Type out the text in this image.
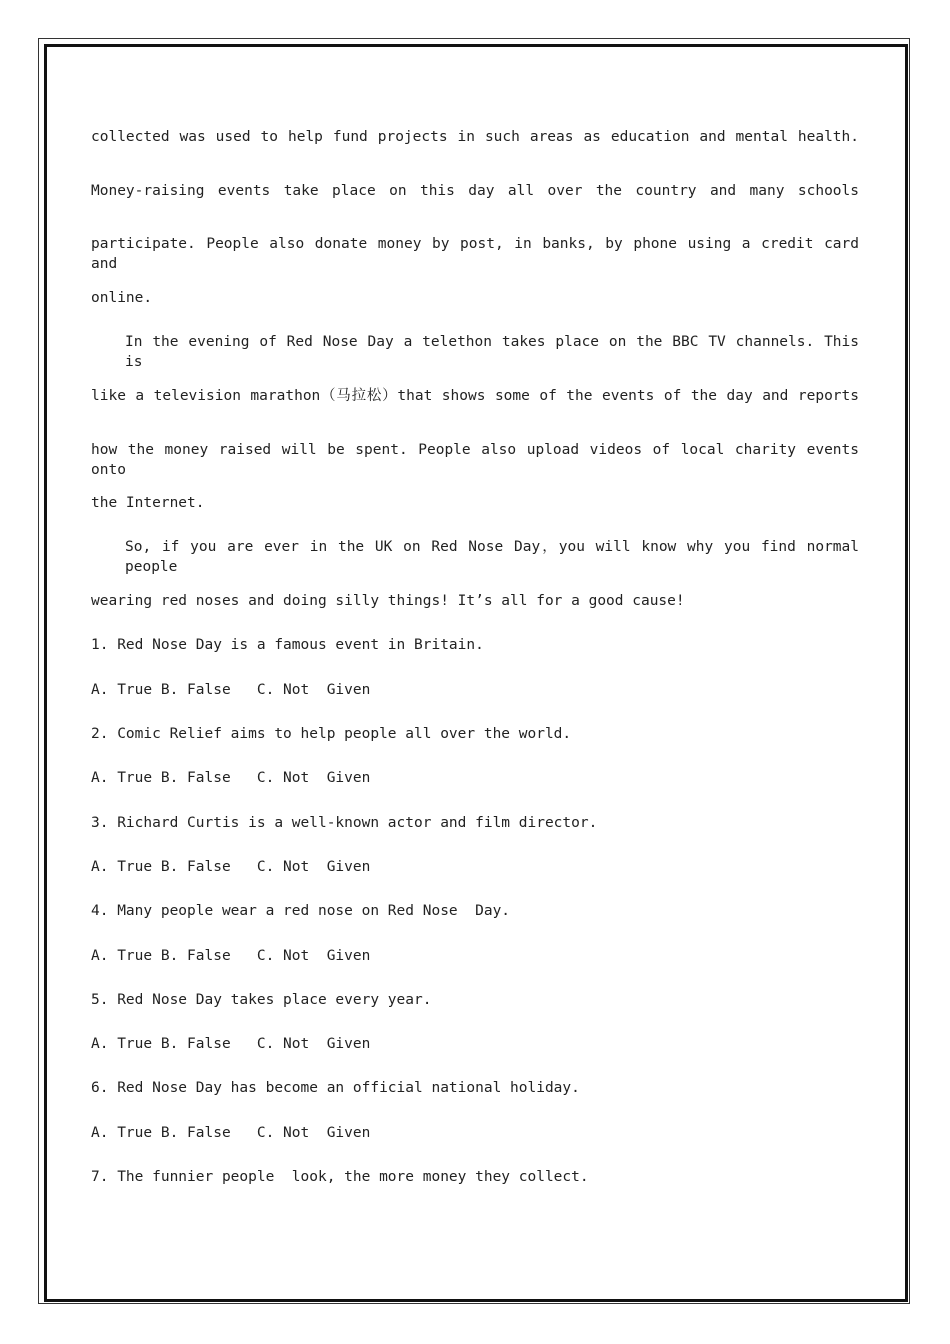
collected was used to help fund projects in such areas as education and mental health.
Money-raising events take place on this day all over the country and many schools
participate. People also donate money by post, in banks, by phone using a credit card and
online.
In the evening of Red Nose Day a telethon takes place on the BBC TV channels. This is
like a television marathon（马拉松）that shows some of the events of the day and reports
how the money raised will be spent. People also upload videos of local charity events onto
the Internet.
So, if you are ever in the UK on Red Nose Day，you will know why you find normal people
wearing red noses and doing silly things! It’s all for a good cause!
1. Red Nose Day is a famous event in Britain.
A. True B. False   C. Not  Given
2. Comic Relief aims to help people all over the world.
A. True B. False   C. Not  Given
3. Richard Curtis is a well-known actor and film director.
A. True B. False   C. Not  Given
4. Many people wear a red nose on Red Nose  Day.
A. True B. False   C. Not  Given
5. Red Nose Day takes place every year.
A. True B. False   C. Not  Given
6. Red Nose Day has become an official national holiday.
A. True B. False   C. Not  Given
7. The funnier people  look, the more money they collect.
